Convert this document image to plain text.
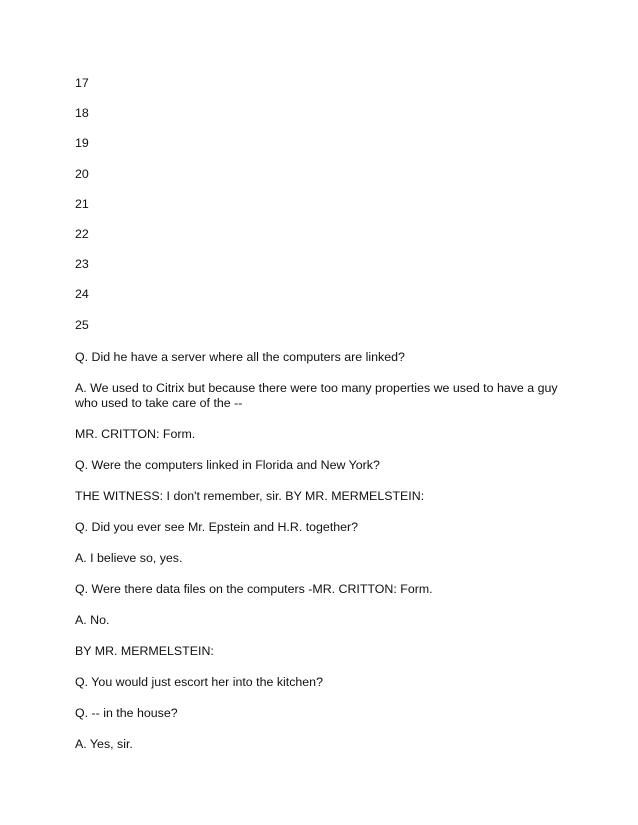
17
18
19
20
21
22
23
24
25

Q. Did he have a server where all the computers are linked?

A. We used to Citrix but because there were too many properties we used to have a guy who used to take care of the --

MR. CRITTON: Form.

Q. Were the computers linked in Florida and New York?

THE WITNESS: I don't remember, sir. BY MR. MERMELSTEIN:

Q. Did you ever see Mr. Epstein and H.R. together?

A. I believe so, yes.

Q. Were there data files on the computers -MR. CRITTON: Form.

A. No.

BY MR. MERMELSTEIN:

Q. You would just escort her into the kitchen?

Q. -- in the house?

A. Yes, sir.
